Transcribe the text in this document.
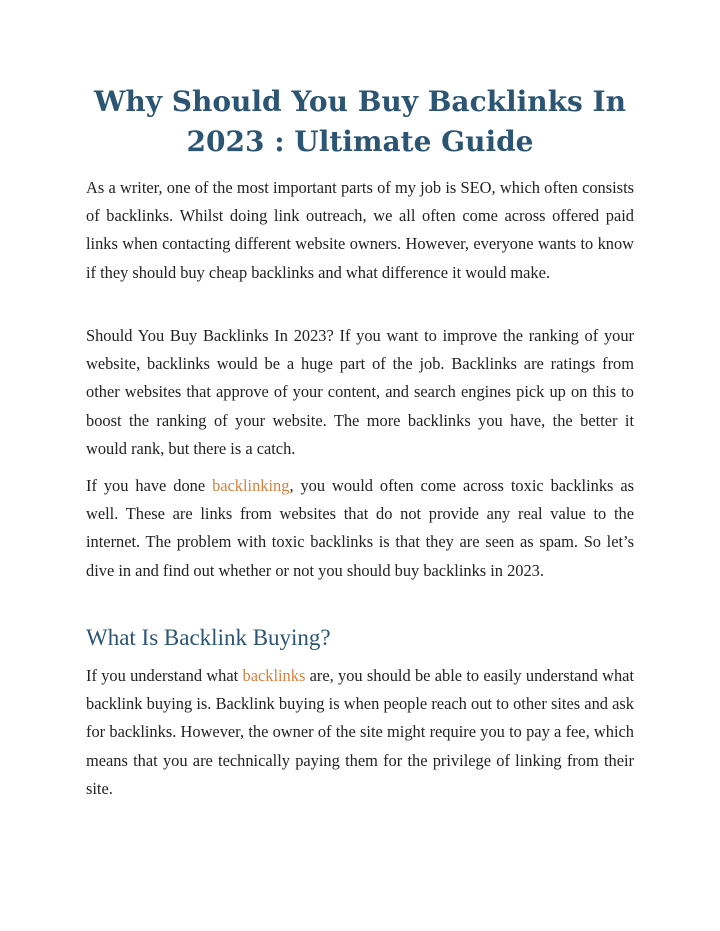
Why Should You Buy Backlinks In 2023 : Ultimate Guide

As a writer, one of the most important parts of my job is SEO, which often consists of backlinks. Whilst doing link outreach, we all often come across offered paid links when contacting different website owners. However, everyone wants to know if they should buy cheap backlinks and what difference it would make.

Should You Buy Backlinks In 2023? If you want to improve the ranking of your website, backlinks would be a huge part of the job. Backlinks are ratings from other websites that approve of your content, and search engines pick up on this to boost the ranking of your website. The more backlinks you have, the better it would rank, but there is a catch.

If you have done backlinking, you would often come across toxic backlinks as well. These are links from websites that do not provide any real value to the internet. The problem with toxic backlinks is that they are seen as spam. So let’s dive in and find out whether or not you should buy backlinks in 2023.

What Is Backlink Buying?

If you understand what backlinks are, you should be able to easily understand what backlink buying is. Backlink buying is when people reach out to other sites and ask for backlinks. However, the owner of the site might require you to pay a fee, which means that you are technically paying them for the privilege of linking from their site.
